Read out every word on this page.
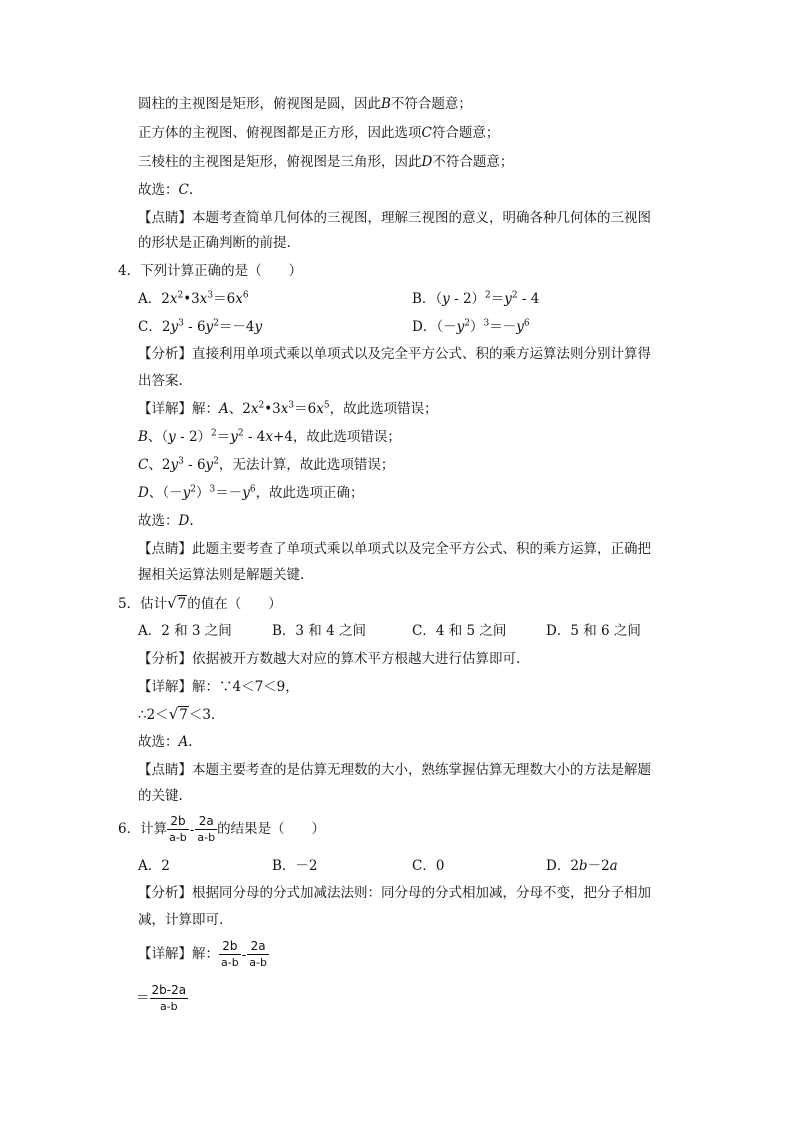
圆柱的主视图是矩形，俯视图是圆，因此B不符合题意；
正方体的主视图、俯视图都是正方形，因此选项C符合题意；
三棱柱的主视图是矩形，俯视图是三角形，因此D不符合题意；
故选：C.
【点睛】本题考查简单几何体的三视图，理解三视图的意义，明确各种几何体的三视图
的形状是正确判断的前提.
4．下列计算正确的是（　　）
A．$2x^2•3x^3=6x^6$	B．$(y - 2)^2=y^2 - 4$
C．$2y^3 - 6y^2=-4y$	D．$(-y^2)^3=-y^6$
【分析】直接利用单项式乘以单项式以及完全平方公式、积的乘方运算法则分别计算得
出答案.
【详解】解：A、$2x^2•3x^3=6x^5$，故此选项错误；
B、$(y - 2)^2=y^2 - 4x+4$，故此选项错误；
C、$2y^3 - 6y^2$，无法计算，故此选项错误；
D、$(-y^2)^3=-y^6$，故此选项正确；
故选：D.
【点睛】此题主要考查了单项式乘以单项式以及完全平方公式、积的乘方运算，正确把
握相关运算法则是解题关键.
5．估计√7的值在（　　）
A．2 和 3 之间	B．3 和 4 之间	C．4 和 5 之间	D．5 和 6 之间
【分析】依据被开方数越大对应的算术平方根越大进行估算即可.
【详解】解：∵4＜7＜9，
∴2＜√7＜3.
故选：A.
【点睛】本题主要考查的是估算无理数的大小，熟练掌握估算无理数大小的方法是解题
的关键.
6．计算 $\frac{2b}{a-b} - \frac{2a}{a-b}$ 的结果是（　　）
A．2	B．－2	C．0	D．2b－2a
【分析】根据同分母的分式加减法法则：同分母的分式相加减，分母不变，把分子相加
减，计算即可.
【详解】解： $\frac{2b}{a-b} - \frac{2a}{a-b}$
＝ $\frac{2b-2a}{a-b}$
